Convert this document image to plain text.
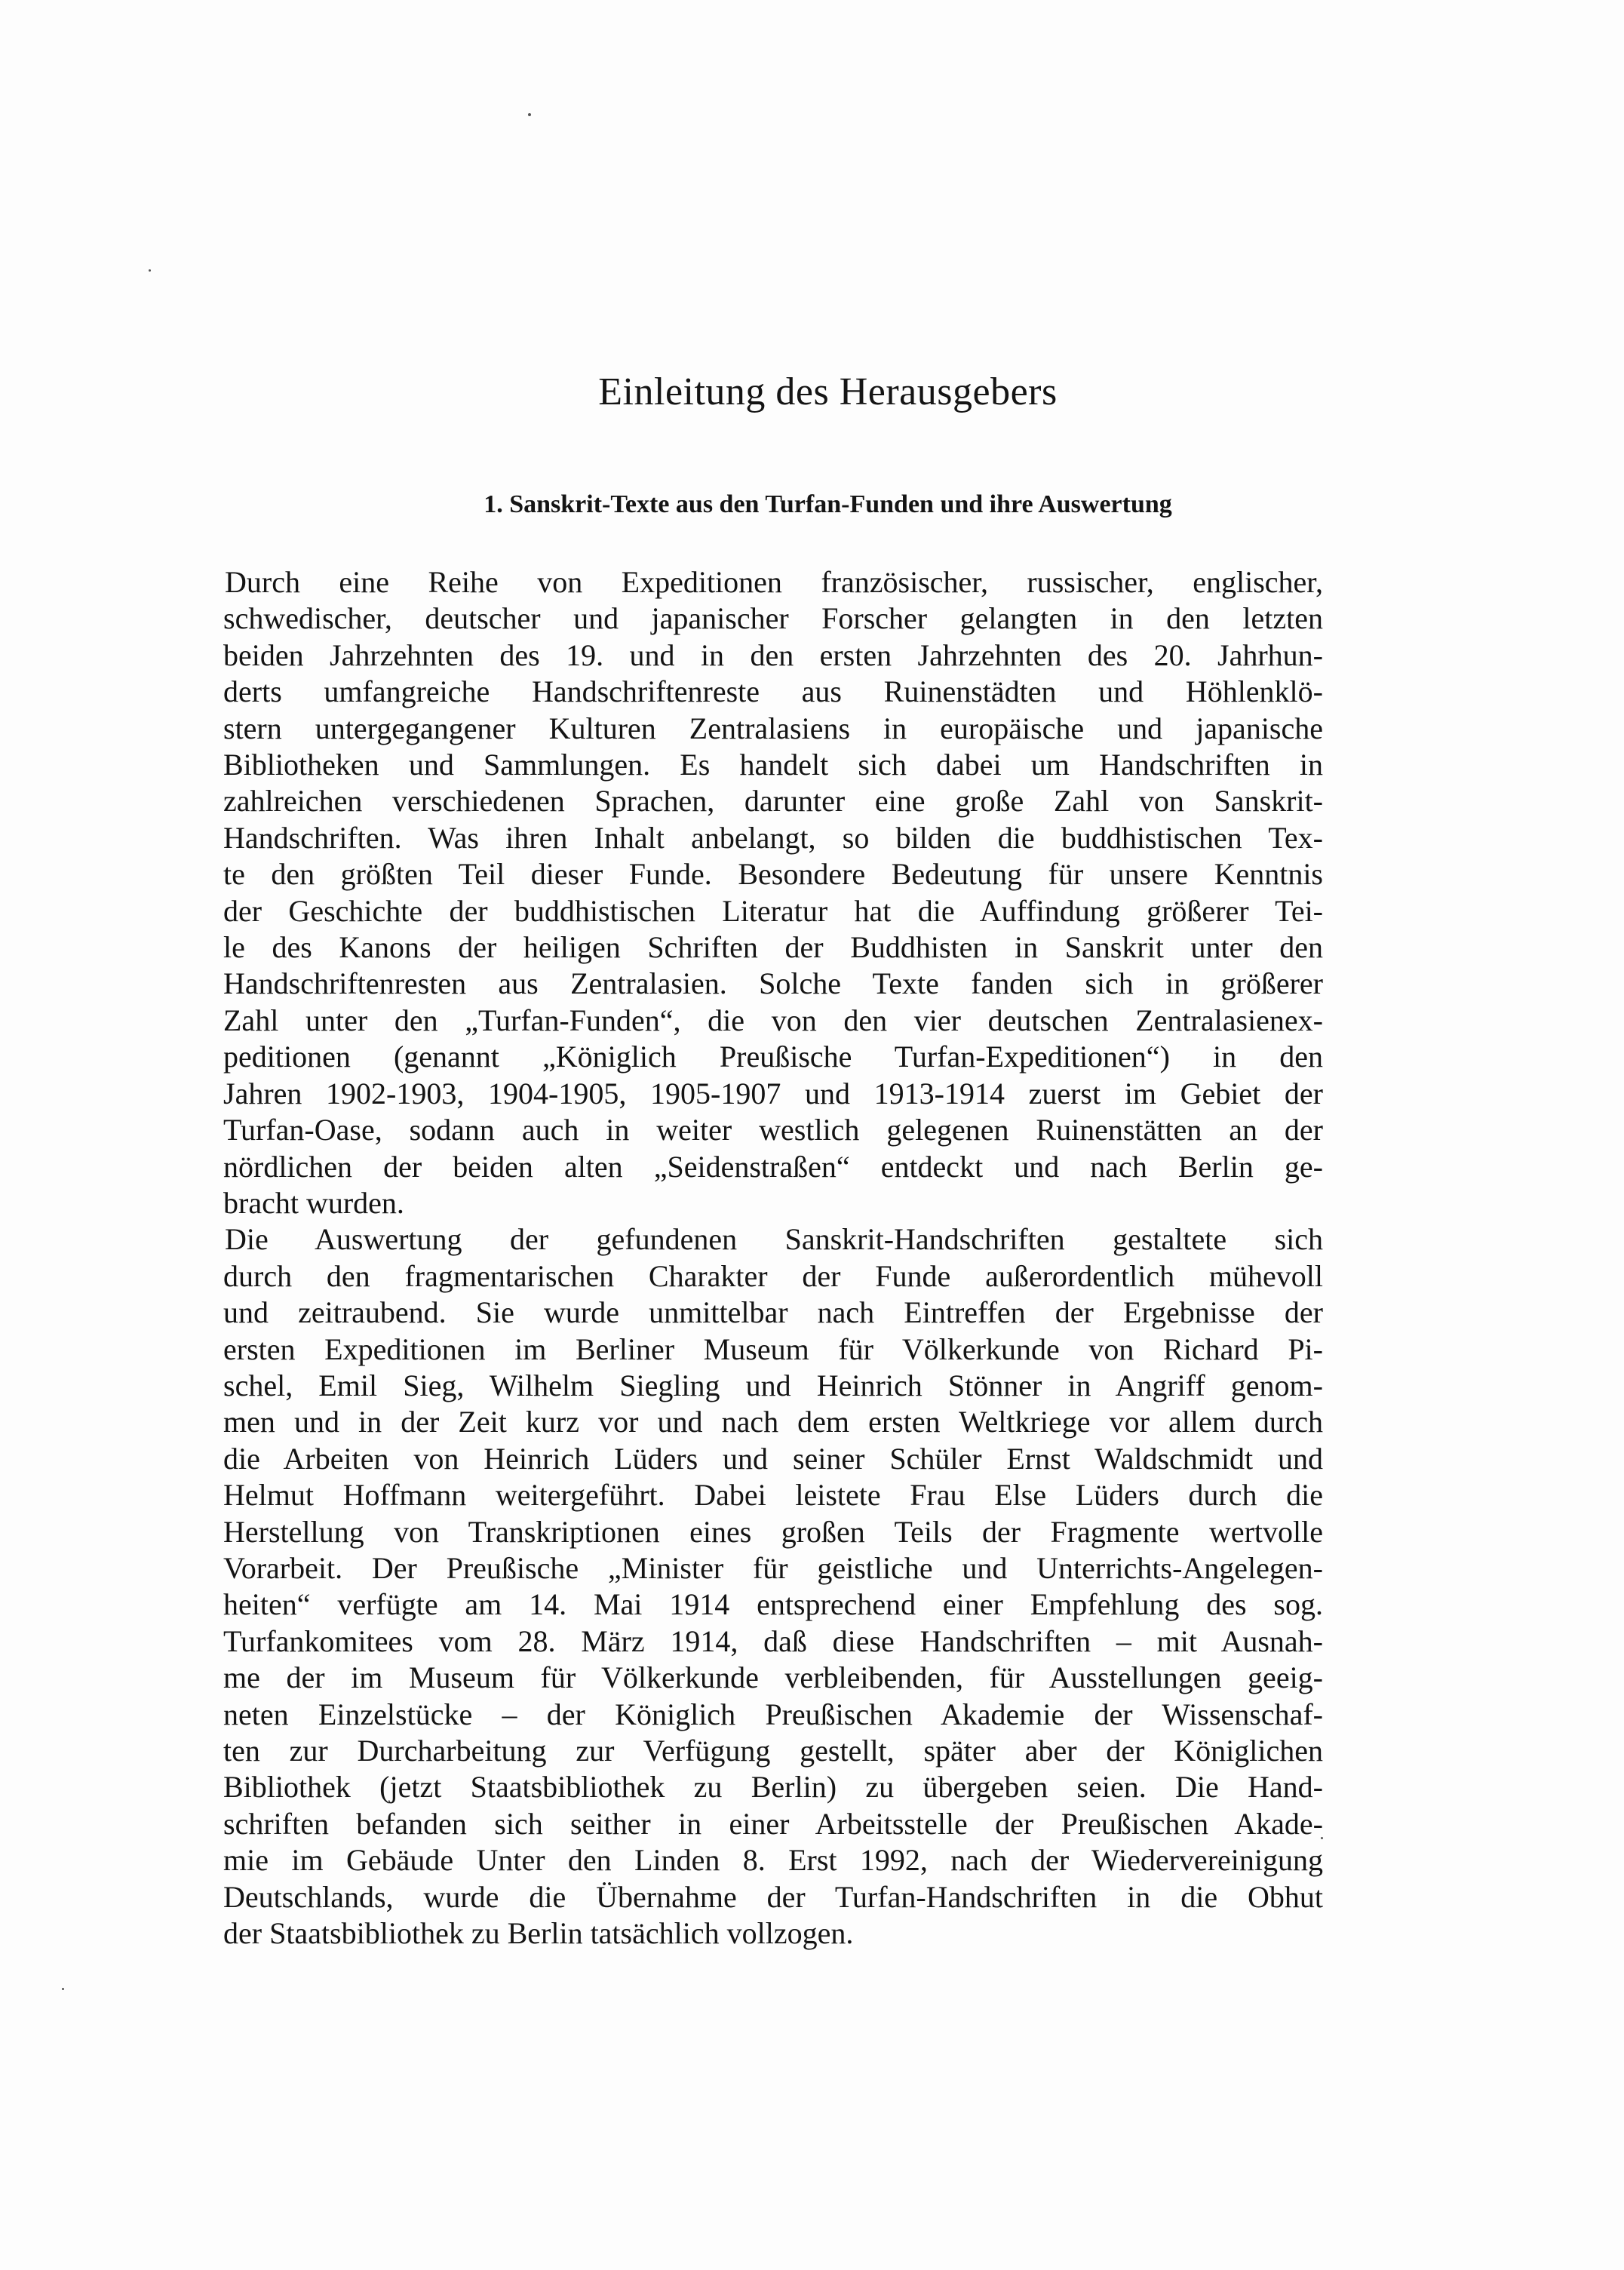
Einleitung des Herausgebers
1. Sanskrit-Texte aus den Turfan-Funden und ihre Auswertung

Durch eine Reihe von Expeditionen französischer, russischer, englischer,
schwedischer, deutscher und japanischer Forscher gelangten in den letzten
beiden Jahrzehnten des 19. und in den ersten Jahrzehnten des 20. Jahrhun-
derts umfangreiche Handschriftenreste aus Ruinenstädten und Höhlenklö-
stern untergegangener Kulturen Zentralasiens in europäische und japanische
Bibliotheken und Sammlungen. Es handelt sich dabei um Handschriften in
zahlreichen verschiedenen Sprachen, darunter eine große Zahl von Sanskrit-
Handschriften. Was ihren Inhalt anbelangt, so bilden die buddhistischen Tex-
te den größten Teil dieser Funde. Besondere Bedeutung für unsere Kenntnis
der Geschichte der buddhistischen Literatur hat die Auffindung größerer Tei-
le des Kanons der heiligen Schriften der Buddhisten in Sanskrit unter den
Handschriftenresten aus Zentralasien. Solche Texte fanden sich in größerer
Zahl unter den „Turfan-Funden“, die von den vier deutschen Zentralasienex-
peditionen (genannt „Königlich Preußische Turfan-Expeditionen“) in den
Jahren 1902-1903, 1904-1905, 1905-1907 und 1913-1914 zuerst im Gebiet der
Turfan-Oase, sodann auch in weiter westlich gelegenen Ruinenstätten an der
nördlichen der beiden alten „Seidenstraßen“ entdeckt und nach Berlin ge-
bracht wurden.

Die Auswertung der gefundenen Sanskrit-Handschriften gestaltete sich
durch den fragmentarischen Charakter der Funde außerordentlich mühevoll
und zeitraubend. Sie wurde unmittelbar nach Eintreffen der Ergebnisse der
ersten Expeditionen im Berliner Museum für Völkerkunde von Richard Pi-
schel, Emil Sieg, Wilhelm Siegling und Heinrich Stönner in Angriff genom-
men und in der Zeit kurz vor und nach dem ersten Weltkriege vor allem durch
die Arbeiten von Heinrich Lüders und seiner Schüler Ernst Waldschmidt und
Helmut Hoffmann weitergeführt. Dabei leistete Frau Else Lüders durch die
Herstellung von Transkriptionen eines großen Teils der Fragmente wertvolle
Vorarbeit. Der Preußische „Minister für geistliche und Unterrichts-Angelegen-
heiten“ verfügte am 14. Mai 1914 entsprechend einer Empfehlung des sog.
Turfankomitees vom 28. März 1914, daß diese Handschriften – mit Ausnah-
me der im Museum für Völkerkunde verbleibenden, für Ausstellungen geeig-
neten Einzelstücke – der Königlich Preußischen Akademie der Wissenschaf-
ten zur Durcharbeitung zur Verfügung gestellt, später aber der Königlichen
Bibliothek (jetzt Staatsbibliothek zu Berlin) zu übergeben seien. Die Hand-
schriften befanden sich seither in einer Arbeitsstelle der Preußischen Akade-
mie im Gebäude Unter den Linden 8. Erst 1992, nach der Wiedervereinigung
Deutschlands, wurde die Übernahme der Turfan-Handschriften in die Obhut
der Staatsbibliothek zu Berlin tatsächlich vollzogen.
